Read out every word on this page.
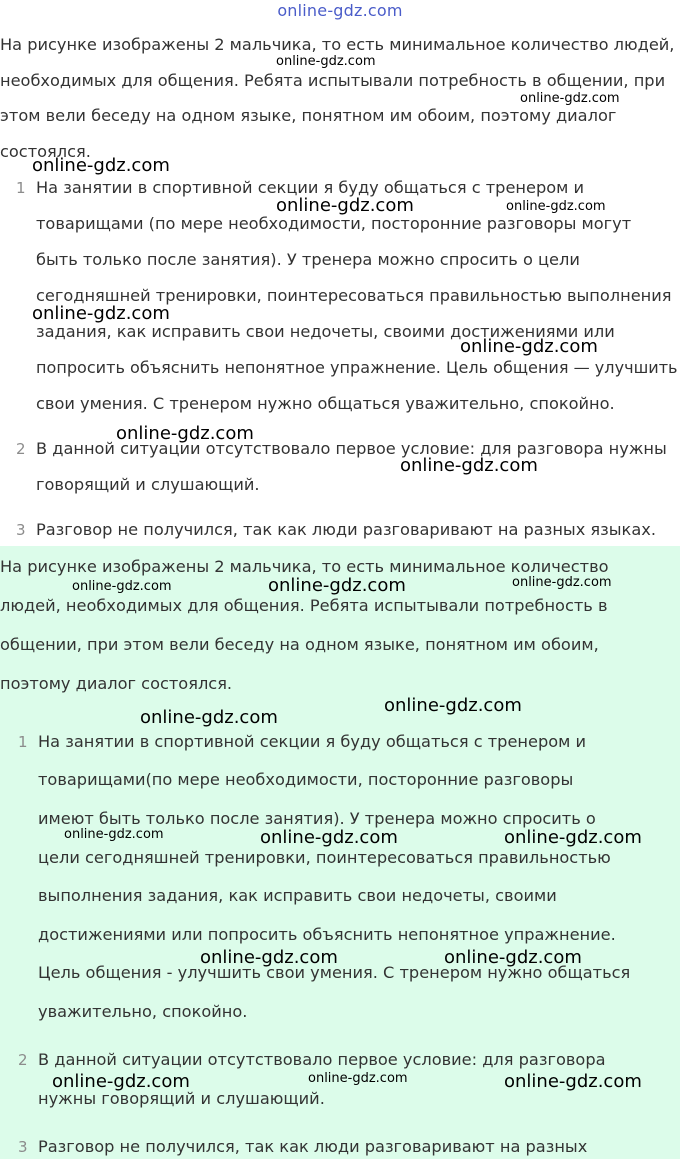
online-gdz.com
На рисунке изображены 2 мальчика, то есть минимальное количество людей,
необходимых для общения. Ребята испытывали потребность в общении, при
этом вели беседу на одном языке, понятном им обоим, поэтому диалог
состоялся.
1 На занятии в спортивной секции я буду общаться с тренером и
товарищами (по мере необходимости, посторонние разговоры могут
быть только после занятия). У тренера можно спросить о цели
сегодняшней тренировки, поинтересоваться правильностью выполнения
задания, как исправить свои недочеты, своими достижениями или
попросить объяснить непонятное упражнение. Цель общения — улучшить
свои умения. С тренером нужно общаться уважительно, спокойно.
2 В данной ситуации отсутствовало первое условие: для разговора нужны
говорящий и слушающий.
3 Разговор не получился, так как люди разговаривают на разных языках.
На рисунке изображены 2 мальчика, то есть минимальное количество
людей, необходимых для общения. Ребята испытывали потребность в
общении, при этом вели беседу на одном языке, понятном им обоим,
поэтому диалог состоялся.
1 На занятии в спортивной секции я буду общаться с тренером и
товарищами(по мере необходимости, посторонние разговоры
имеют быть только после занятия). У тренера можно спросить о
цели сегодняшней тренировки, поинтересоваться правильностью
выполнения задания, как исправить свои недочеты, своими
достижениями или попросить объяснить непонятное упражнение.
Цель общения - улучшить свои умения. С тренером нужно общаться
уважительно, спокойно.
2 В данной ситуации отсутствовало первое условие: для разговора
нужны говорящий и слушающий.
3 Разговор не получился, так как люди разговаривают на разных
online-gdz.com
online-gdz.com
online-gdz.com
online-gdz.com	online-gdz.com
online-gdz.com
online-gdz.com
online-gdz.com
online-gdz.com
online-gdz.com	online-gdz.com	online-gdz.com
online-gdz.com
online-gdz.com
online-gdz.com	online-gdz.com	online-gdz.com
online-gdz.com	online-gdz.com
online-gdz.com	online-gdz.com	online-gdz.com
